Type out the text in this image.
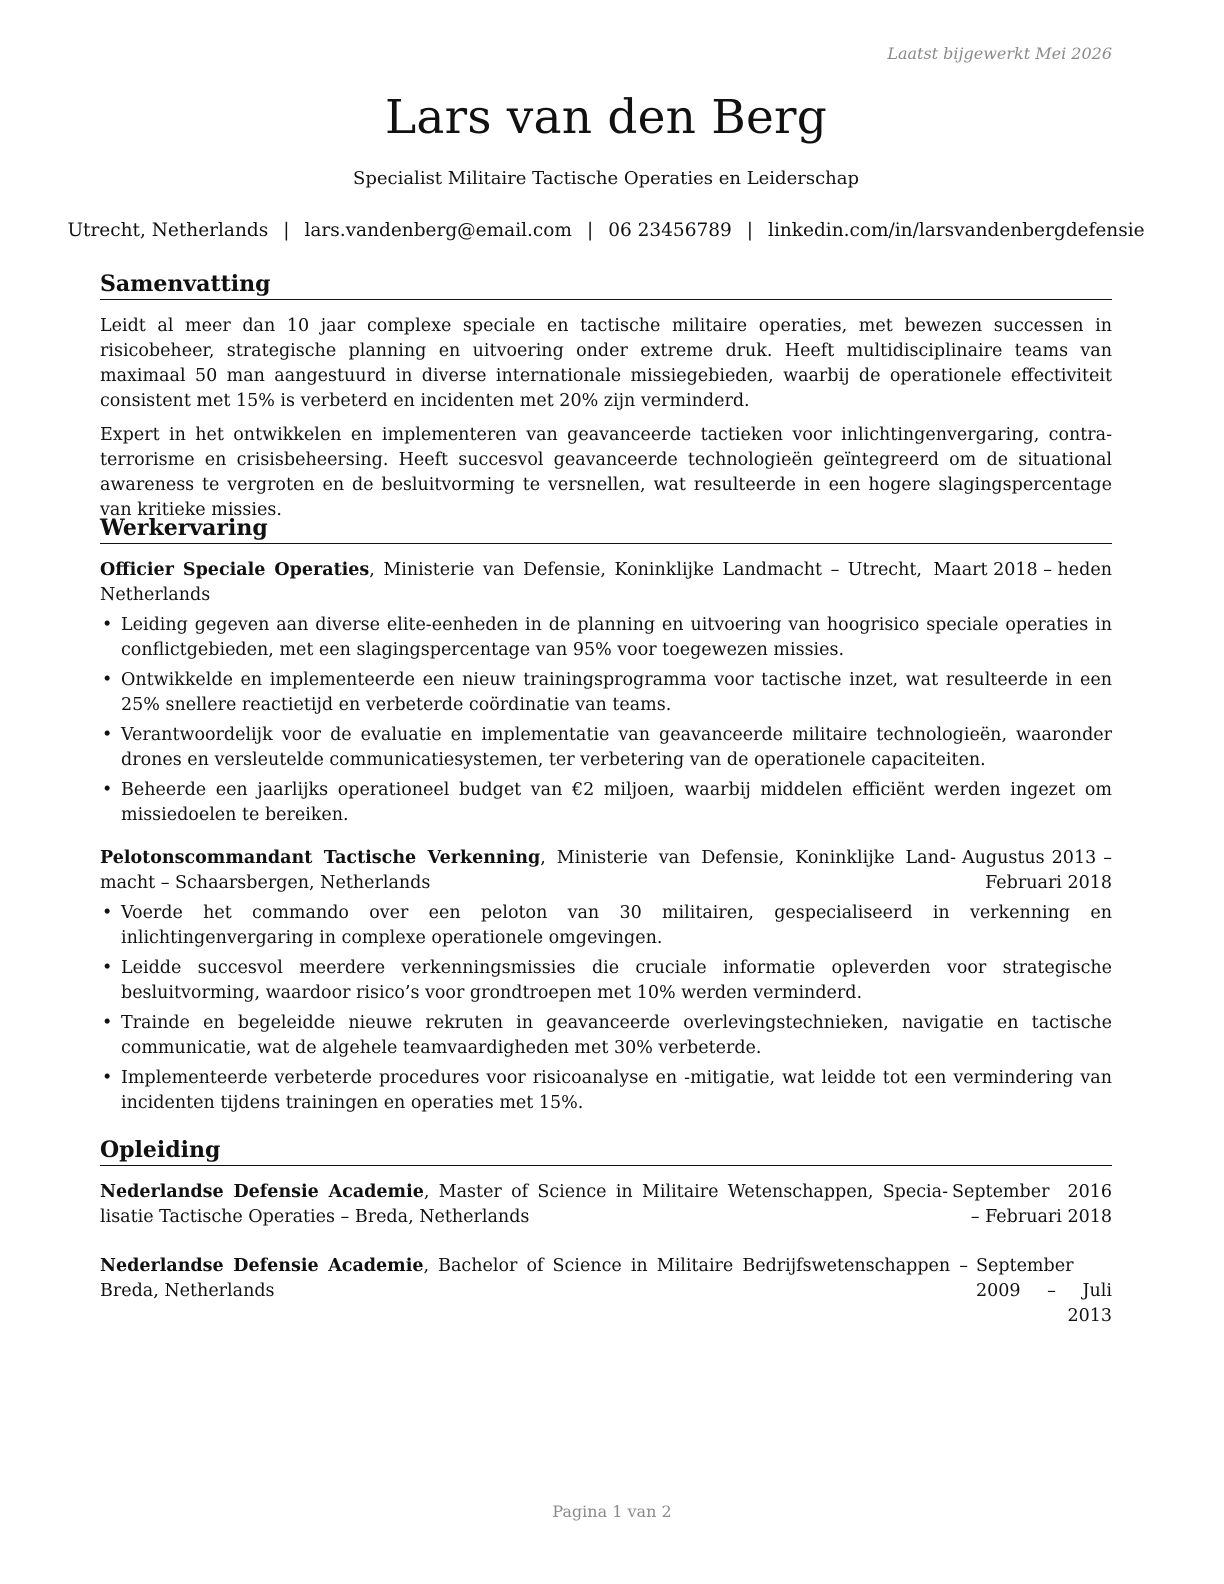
Laatst bijgewerkt Mei 2026
Lars van den Berg
Specialist Militaire Tactische Operaties en Leiderschap
Utrecht, Netherlands | lars.vandenberg@email.com | 06 23456789 | linkedin.com/in/larsvandenbergdefensie
Samenvatting

Leidt al meer dan 10 jaar complexe speciale en tactische militaire operaties, met bewezen successen in risicobeheer, strategische planning en uitvoering onder extreme druk. Heeft multidisciplinaire teams van maximaal 50 man aangestuurd in diverse internationale missiegebieden, waarbij de operationele effectiviteit consistent met 15% is verbeterd en incidenten met 20% zijn verminderd.

Expert in het ontwikkelen en implementeren van geavanceerde tactieken voor inlichtingenvergaring, contra-terrorisme en crisisbeheersing. Heeft succesvol geavanceerde technologieën geïntegreerd om de situational awareness te vergroten en de besluitvorming te versnellen, wat resulteerde in een hogere slagingspercentage van kritieke missies.

Werkervaring
Officier Speciale Operaties, Ministerie van Defensie, Koninklijke Landmacht – Utrecht, Netherlands
Maart 2018 – heden
• Leiding gegeven aan diverse elite-eenheden in de planning en uitvoering van hoogrisico speciale operaties in conflictgebieden, met een slagingspercentage van 95% voor toegewezen missies.
• Ontwikkelde en implementeerde een nieuw trainingsprogramma voor tactische inzet, wat resulteerde in een 25% snellere reactietijd en verbeterde coördinatie van teams.
• Verantwoordelijk voor de evaluatie en implementatie van geavanceerde militaire technologieën, waaronder drones en versleutelde communicatiesystemen, ter verbetering van de operationele capaciteiten.
• Beheerde een jaarlijks operationeel budget van €2 miljoen, waarbij middelen efficiënt werden ingezet om missiedoelen te bereiken.
Pelotonscommandant Tactische Verkenning, Ministerie van Defensie, Koninklijke Landmacht – Schaarsbergen, Netherlands
Augustus 2013 – Februari 2018
• Voerde het commando over een peloton van 30 militairen, gespecialiseerd in verkenning en inlichtingenvergaring in complexe operationele omgevingen.
• Leidde succesvol meerdere verkenningsmissies die cruciale informatie opleverden voor strategische besluitvorming, waardoor risico’s voor grondtroepen met 10% werden verminderd.
• Trainde en begeleidde nieuwe rekruten in geavanceerde overlevingstechnieken, navigatie en tactische communicatie, wat de algehele teamvaardigheden met 30% verbeterde.
• Implementeerde verbeterde procedures voor risicoanalyse en -mitigatie, wat leidde tot een vermindering van incidenten tijdens trainingen en operaties met 15%.
Opleiding
Nederlandse Defensie Academie, Master of Science in Militaire Wetenschappen, Specialisatie Tactische Operaties – Breda, Netherlands
September 2016 – Februari 2018
Nederlandse Defensie Academie, Bachelor of Science in Militaire Bedrijfswetenschappen – Breda, Netherlands
September 2009 – Juli 2013
Pagina 1 van 2
